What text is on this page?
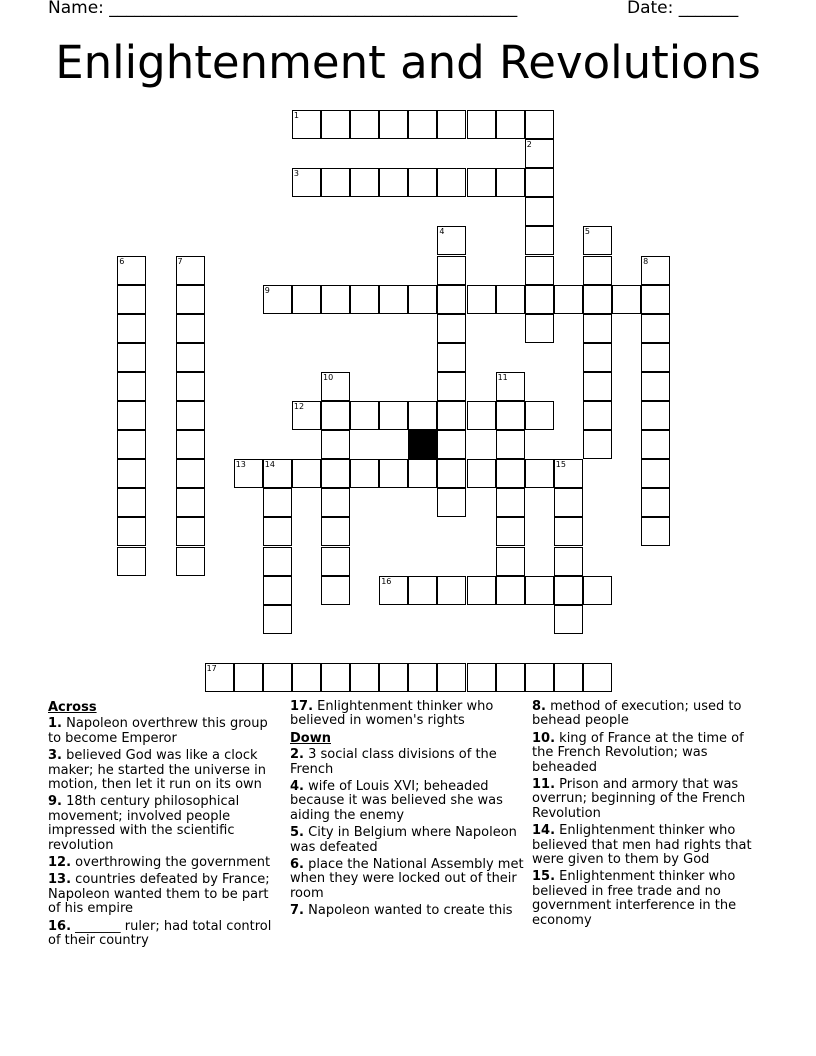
Name: ________________________________________________	Date: _______
Enlightenment and Revolutions
1
2
3
4	5
6	7	8
9
10	11
12
13 14	15
16
17
Across
1. Napoleon overthrew this group to become Emperor
3. believed God was like a clock maker; he started the universe in motion, then let it run on its own
9. 18th century philosophical movement; involved people impressed with the scientific revolution
12. overthrowing the government
13. countries defeated by France; Napoleon wanted them to be part of his empire
16. _______ ruler; had total control of their country
17. Enlightenment thinker who believed in women's rights
Down
2. 3 social class divisions of the French
4. wife of Louis XVI; beheaded because it was believed she was aiding the enemy
5. City in Belgium where Napoleon was defeated
6. place the National Assembly met when they were locked out of their room
7. Napoleon wanted to create this
8. method of execution; used to behead people
10. king of France at the time of the French Revolution; was beheaded
11. Prison and armory that was overrun; beginning of the French Revolution
14. Enlightenment thinker who believed that men had rights that were given to them by God
15. Enlightenment thinker who believed in free trade and no government interference in the economy
